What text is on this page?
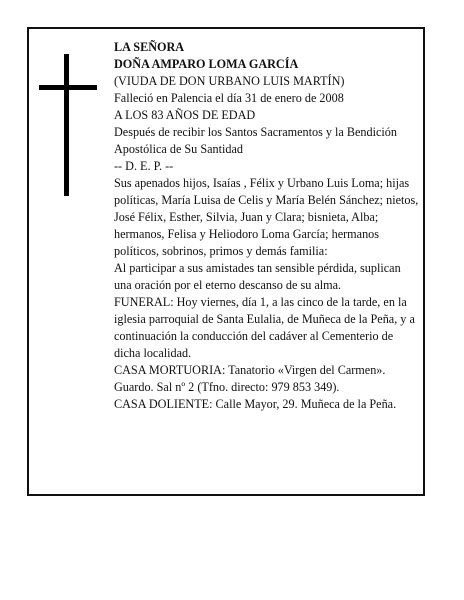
LA SEÑORA

DOÑA AMPARO LOMA GARCÍA

(VIUDA DE DON URBANO LUIS MARTÍN)

Falleció en Palencia el día 31 de enero de 2008

A LOS 83 AÑOS DE EDAD

Después de recibir los Santos Sacramentos y la Bendición Apostólica de Su Santidad

-- D. E. P. --

Sus apenados hijos, Isaías , Félix y Urbano Luis Loma; hijas políticas, María Luisa de Celis y María Belén Sánchez; nietos, José Félix, Esther, Silvia, Juan y Clara; bisnieta, Alba; hermanos, Felisa y Heliodoro Loma García; hermanos políticos, sobrinos, primos y demás familia:

Al participar a sus amistades tan sensible pérdida, suplican una oración por el eterno descanso de su alma.

FUNERAL: Hoy viernes, día 1, a las cinco de la tarde, en la iglesia parroquial de Santa Eulalia, de Muñeca de la Peña, y a continuación la conducción del cadáver al Cementerio de dicha localidad.

CASA MORTUORIA: Tanatorio «Virgen del Carmen». Guardo. Sal nº 2 (Tfno. directo: 979 853 349).

CASA DOLIENTE: Calle Mayor, 29. Muñeca de la Peña.
